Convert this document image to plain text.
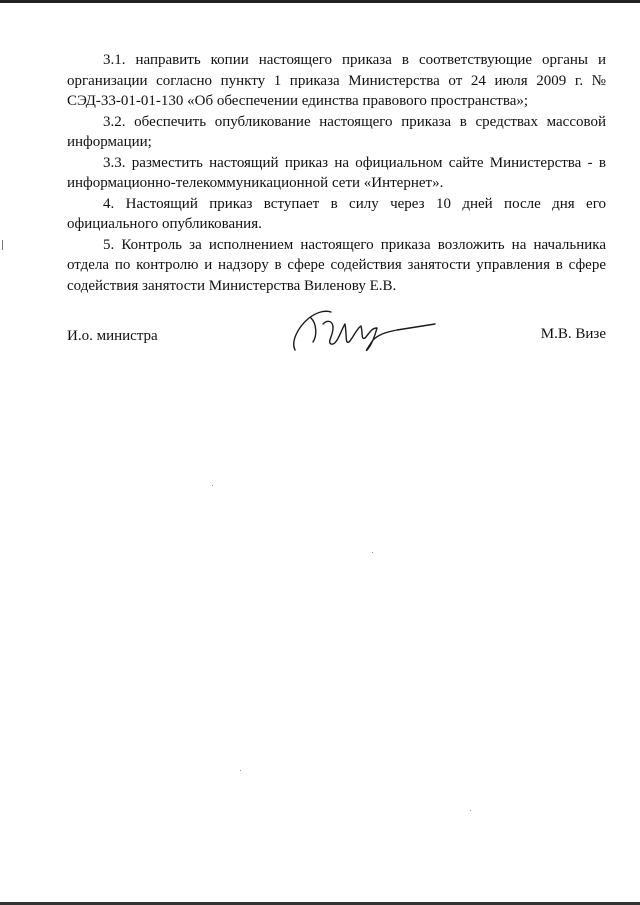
3.1. направить копии настоящего приказа в соответствующие органы и организации согласно пункту 1 приказа Министерства от 24 июля 2009 г. № СЭД-33-01-01-130 «Об обеспечении единства правового пространства»;

3.2. обеспечить опубликование настоящего приказа в средствах массовой информации;

3.3. разместить настоящий приказ на официальном сайте Министерства - в информационно-телекоммуникационной сети «Интернет».

4. Настоящий приказ вступает в силу через 10 дней после дня его официального опубликования.

5. Контроль за исполнением настоящего приказа возложить на начальника отдела по контролю и надзору в сфере содействия занятости управления в сфере содействия занятости Министерства Виленову Е.В.

И.о. министра	М.В. Визе
